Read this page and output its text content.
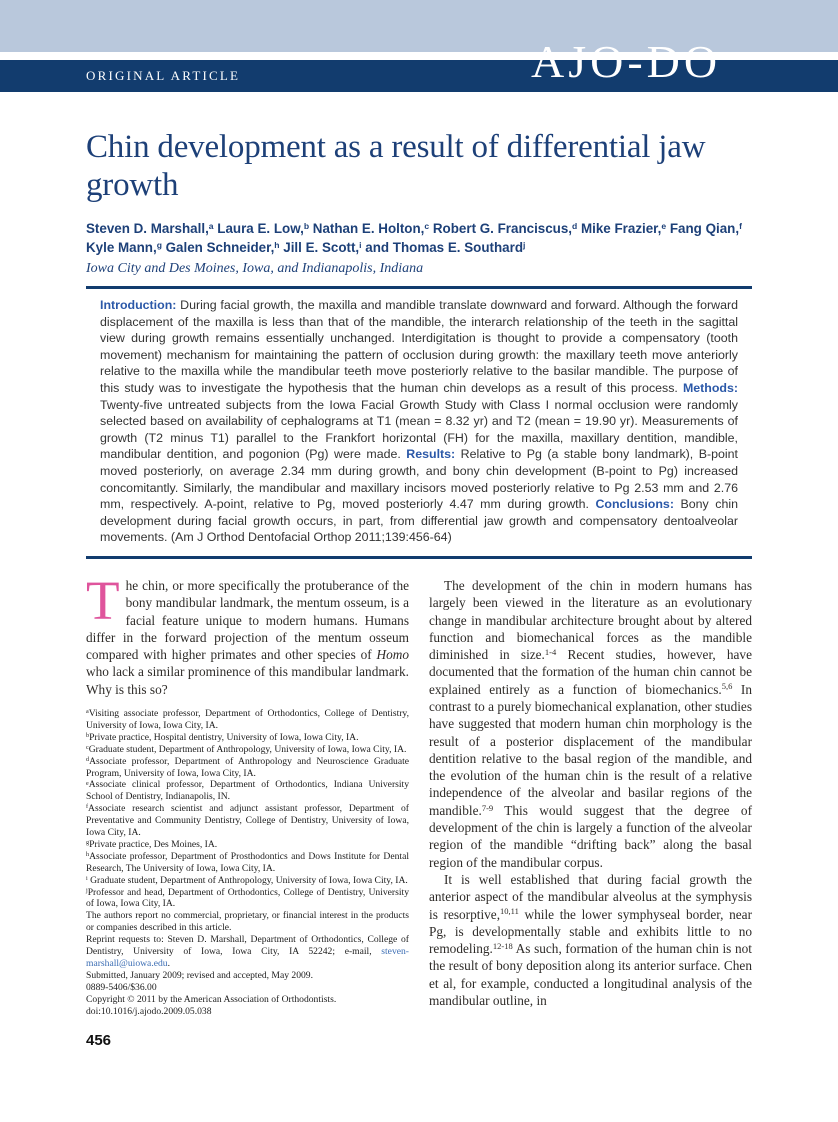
ORIGINAL ARTICLE	AJO-DO
Chin development as a result of differential jaw growth

Steven D. Marshall,$^a$ Laura E. Low,$^b$ Nathan E. Holton,$^c$ Robert G. Franciscus,$^d$ Mike Frazier,$^e$ Fang Qian,$^f$

Kyle Mann,$^g$ Galen Schneider,$^h$ Jill E. Scott,$^i$ and Thomas E. Southard$^j$

Iowa City and Des Moines, Iowa, and Indianapolis, Indiana

Introduction: During facial growth, the maxilla and mandible translate downward and forward. Although the forward displacement of the maxilla is less than that of the mandible, the interarch relationship of the teeth in the sagittal view during growth remains essentially unchanged. Interdigitation is thought to provide a compensatory (tooth movement) mechanism for maintaining the pattern of occlusion during growth: the maxillary teeth move anteriorly relative to the maxilla while the mandibular teeth move posteriorly relative to the basilar mandible. The purpose of this study was to investigate the hypothesis that the human chin develops as a result of this process. Methods: Twenty-five untreated subjects from the Iowa Facial Growth Study with Class I normal occlusion were randomly selected based on availability of cephalograms at T1 (mean = 8.32 yr) and T2 (mean = 19.90 yr). Measurements of growth (T2 minus T1) parallel to the Frankfort horizontal (FH) for the maxilla, maxillary dentition, mandible, mandibular dentition, and pogonion (Pg) were made. Results: Relative to Pg (a stable bony landmark), B-point moved posteriorly, on average 2.34 mm during growth, and bony chin development (B-point to Pg) increased concomitantly. Similarly, the mandibular and maxillary incisors moved posteriorly relative to Pg 2.53 mm and 2.76 mm, respectively. A-point, relative to Pg, moved posteriorly 4.47 mm during growth. Conclusions: Bony chin development during facial growth occurs, in part, from differential jaw growth and compensatory dentoalveolar movements. (Am J Orthod Dentofacial Orthop 2011;139:456-64)

The chin, or more specifically the protuberance of the bony mandibular landmark, the mentum osseum, is a facial feature unique to modern humans. Humans differ in the forward projection of the mentum osseum compared with higher primates and other species of Homo who lack a similar prominence of this mandibular landmark. Why is this so?

$^a$Visiting associate professor, Department of Orthodontics, College of Dentistry, University of Iowa, Iowa City, IA.

$^b$Private practice, Hospital dentistry, University of Iowa, Iowa City, IA.

$^c$Graduate student, Department of Anthropology, University of Iowa, Iowa City, IA.

$^d$Associate professor, Department of Anthropology and Neuroscience Graduate Program, University of Iowa, Iowa City, IA.

$^e$Associate clinical professor, Department of Orthodontics, Indiana University School of Dentistry, Indianapolis, IN.

$^f$Associate research scientist and adjunct assistant professor, Department of Preventative and Community Dentistry, College of Dentistry, University of Iowa, Iowa City, IA.

$^g$Private practice, Des Moines, IA.

$^h$Associate professor, Department of Prosthodontics and Dows Institute for Dental Research, The University of Iowa, Iowa City, IA.

$^i$ Graduate student, Department of Anthropology, University of Iowa, Iowa City, IA.

$^j$Professor and head, Department of Orthodontics, College of Dentistry, University of Iowa, Iowa City, IA.

The authors report no commercial, proprietary, or financial interest in the products or companies described in this article.

Reprint requests to: Steven D. Marshall, Department of Orthodontics, College of Dentistry, University of Iowa, Iowa City, IA 52242; e-mail, steven-marshall@uiowa.edu.

Submitted, January 2009; revised and accepted, May 2009.

0889-5406/$36.00

Copyright © 2011 by the American Association of Orthodontists.

doi:10.1016/j.ajodo.2009.05.038

456

The development of the chin in modern humans has largely been viewed in the literature as an evolutionary change in mandibular architecture brought about by altered function and biomechanical forces as the mandible diminished in size.$^{1-4}$ Recent studies, however, have documented that the formation of the human chin cannot be explained entirely as a function of biomechanics.$^{5,6}$ In contrast to a purely biomechanical explanation, other studies have suggested that modern human chin morphology is the result of a posterior displacement of the mandibular dentition relative to the basal region of the mandible, and the evolution of the human chin is the result of a relative independence of the alveolar and basilar regions of the mandible.$^{7-9}$ This would suggest that the degree of development of the chin is largely a function of the alveolar region of the mandible “drifting back” along the basal region of the mandibular corpus.

It is well established that during facial growth the anterior aspect of the mandibular alveolus at the symphysis is resorptive,$^{10,11}$ while the lower symphyseal border, near Pg, is developmentally stable and exhibits little to no remodeling.$^{12-18}$ As such, formation of the human chin is not the result of bony deposition along its anterior surface. Chen et al, for example, conducted a longitudinal analysis of the mandibular outline, in
